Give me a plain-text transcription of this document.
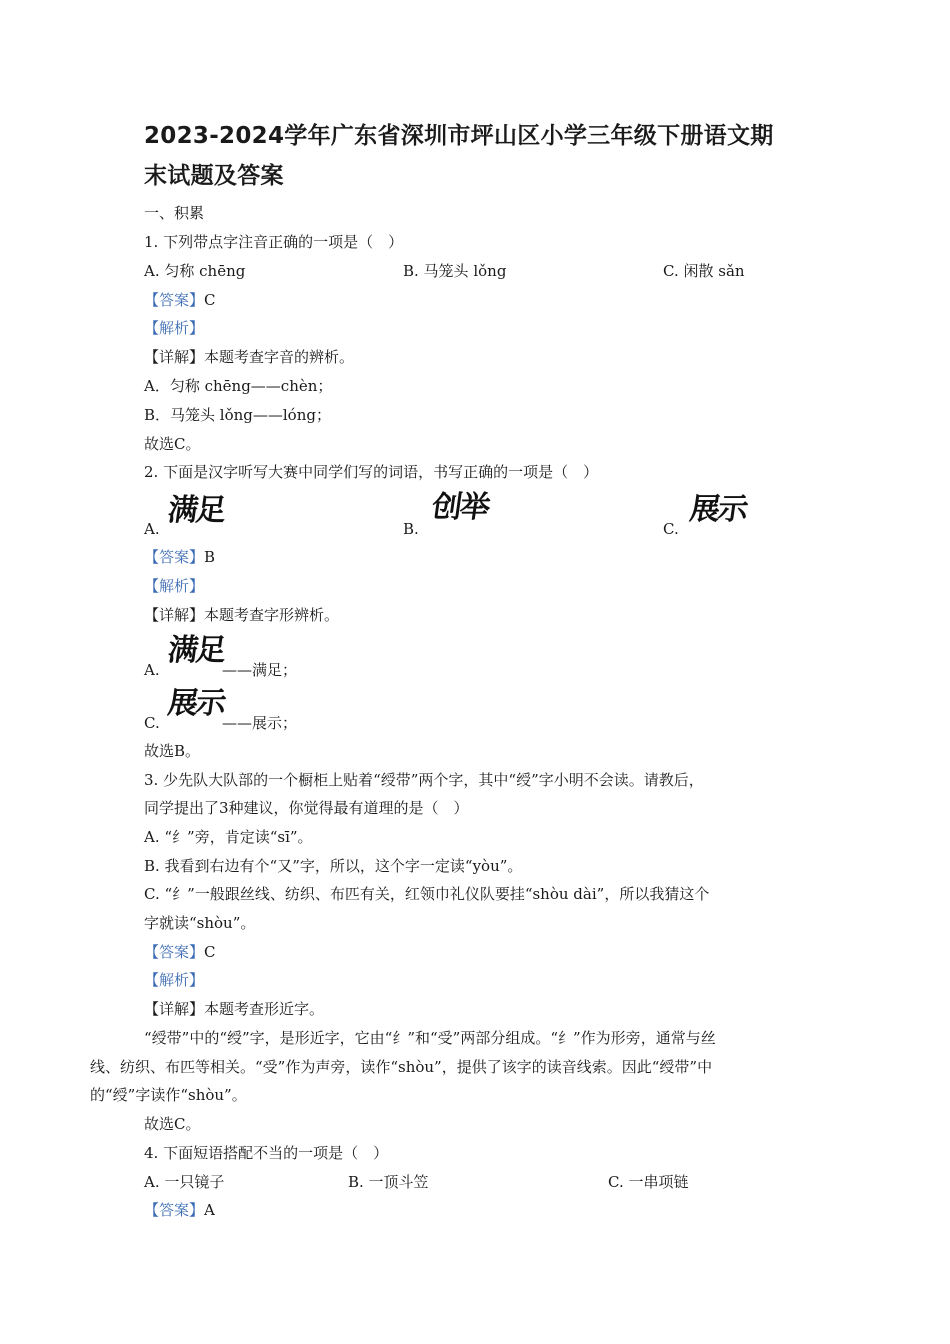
2023-2024学年广东省深圳市坪山区小学三年级下册语文期
末试题及答案
一、积累
1. 下列带点字注音正确的一项是（　）
A. 匀称 chēng	B. 马笼头 lǒng	C. 闲散 sǎn
【答案】C
【解析】
【详解】本题考查字音的辨析。
A．匀称 chēng——chèn；
B．马笼头 lǒng——lóng；
故选C。
2. 下面是汉字听写大赛中同学们写的词语，书写正确的一项是（　）
A.
满足
B.
创举
C.
展示
【答案】B
【解析】
【详解】本题考查字形辨析。
A.
满足
——满足；
C.
展示
——展示；
故选B。
3. 少先队大队部的一个橱柜上贴着“绶带”两个字，其中“绶”字小明不会读。请教后，
同学提出了3种建议，你觉得最有道理的是（　）
A. “纟”旁，肯定读“sī”。
B. 我看到右边有个“又”字，所以，这个字一定读“yòu”。
C. “纟”一般跟丝线、纺织、布匹有关，红领巾礼仪队要挂“shòu dài”，所以我猜这个
字就读“shòu”。
【答案】C
【解析】
【详解】本题考查形近字。
“绶带”中的“绶”字，是形近字，它由“纟”和“受”两部分组成。“纟”作为形旁，通常与丝
线、纺织、布匹等相关。“受”作为声旁，读作“shòu”，提供了该字的读音线索。因此“绶带”中
的“绶”字读作“shòu”。
故选C。
4. 下面短语搭配不当的一项是（　）
A. 一只镜子	B. 一顶斗笠	C. 一串项链
【答案】A
